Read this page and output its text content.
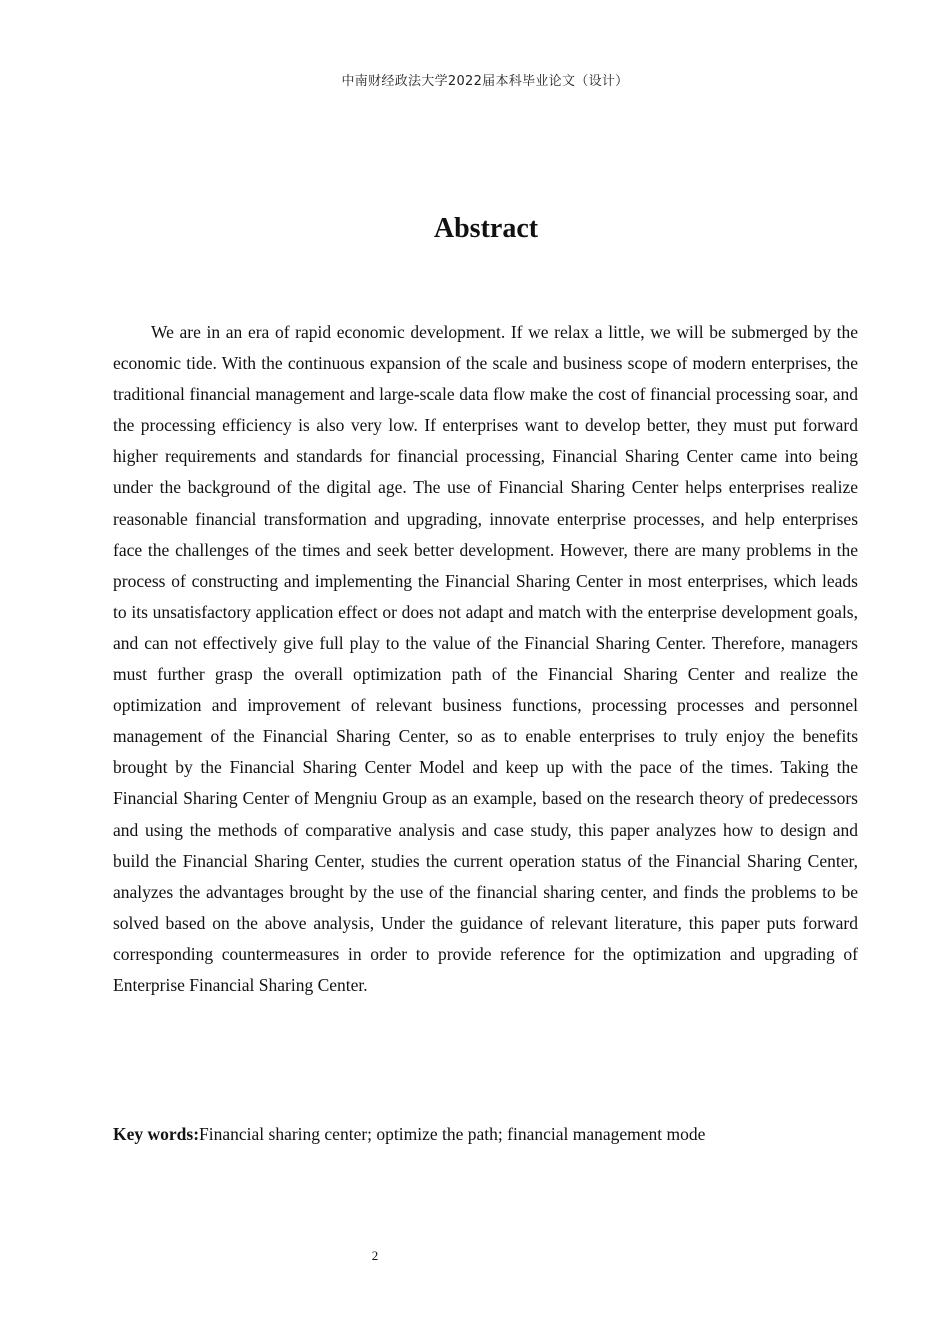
中南财经政法大学2022届本科毕业论文（设计）
Abstract

We are in an era of rapid economic development. If we relax a little, we will be submerged by the economic tide. With the continuous expansion of the scale and business scope of modern enterprises, the traditional financial management and large-scale data flow make the cost of financial processing soar, and the processing efficiency is also very low. If enterprises want to develop better, they must put forward higher requirements and standards for financial processing, Financial Sharing Center came into being under the background of the digital age. The use of Financial Sharing Center helps enterprises realize reasonable financial transformation and upgrading, innovate enterprise processes, and help enterprises face the challenges of the times and seek better development. However, there are many problems in the process of constructing and implementing the Financial Sharing Center in most enterprises, which leads to its unsatisfactory application effect or does not adapt and match with the enterprise development goals, and can not effectively give full play to the value of the Financial Sharing Center. Therefore, managers must further grasp the overall optimization path of the Financial Sharing Center and realize the optimization and improvement of relevant business functions, processing processes and personnel management of the Financial Sharing Center, so as to enable enterprises to truly enjoy the benefits brought by the Financial Sharing Center Model and keep up with the pace of the times. Taking the Financial Sharing Center of Mengniu Group as an example, based on the research theory of predecessors and using the methods of comparative analysis and case study, this paper analyzes how to design and build the Financial Sharing Center, studies the current operation status of the Financial Sharing Center, analyzes the advantages brought by the use of the financial sharing center, and finds the problems to be solved based on the above analysis, Under the guidance of relevant literature, this paper puts forward corresponding countermeasures in order to provide reference for the optimization and upgrading of Enterprise Financial Sharing Center.

Key words:Financial sharing center; optimize the path; financial management mode

2
